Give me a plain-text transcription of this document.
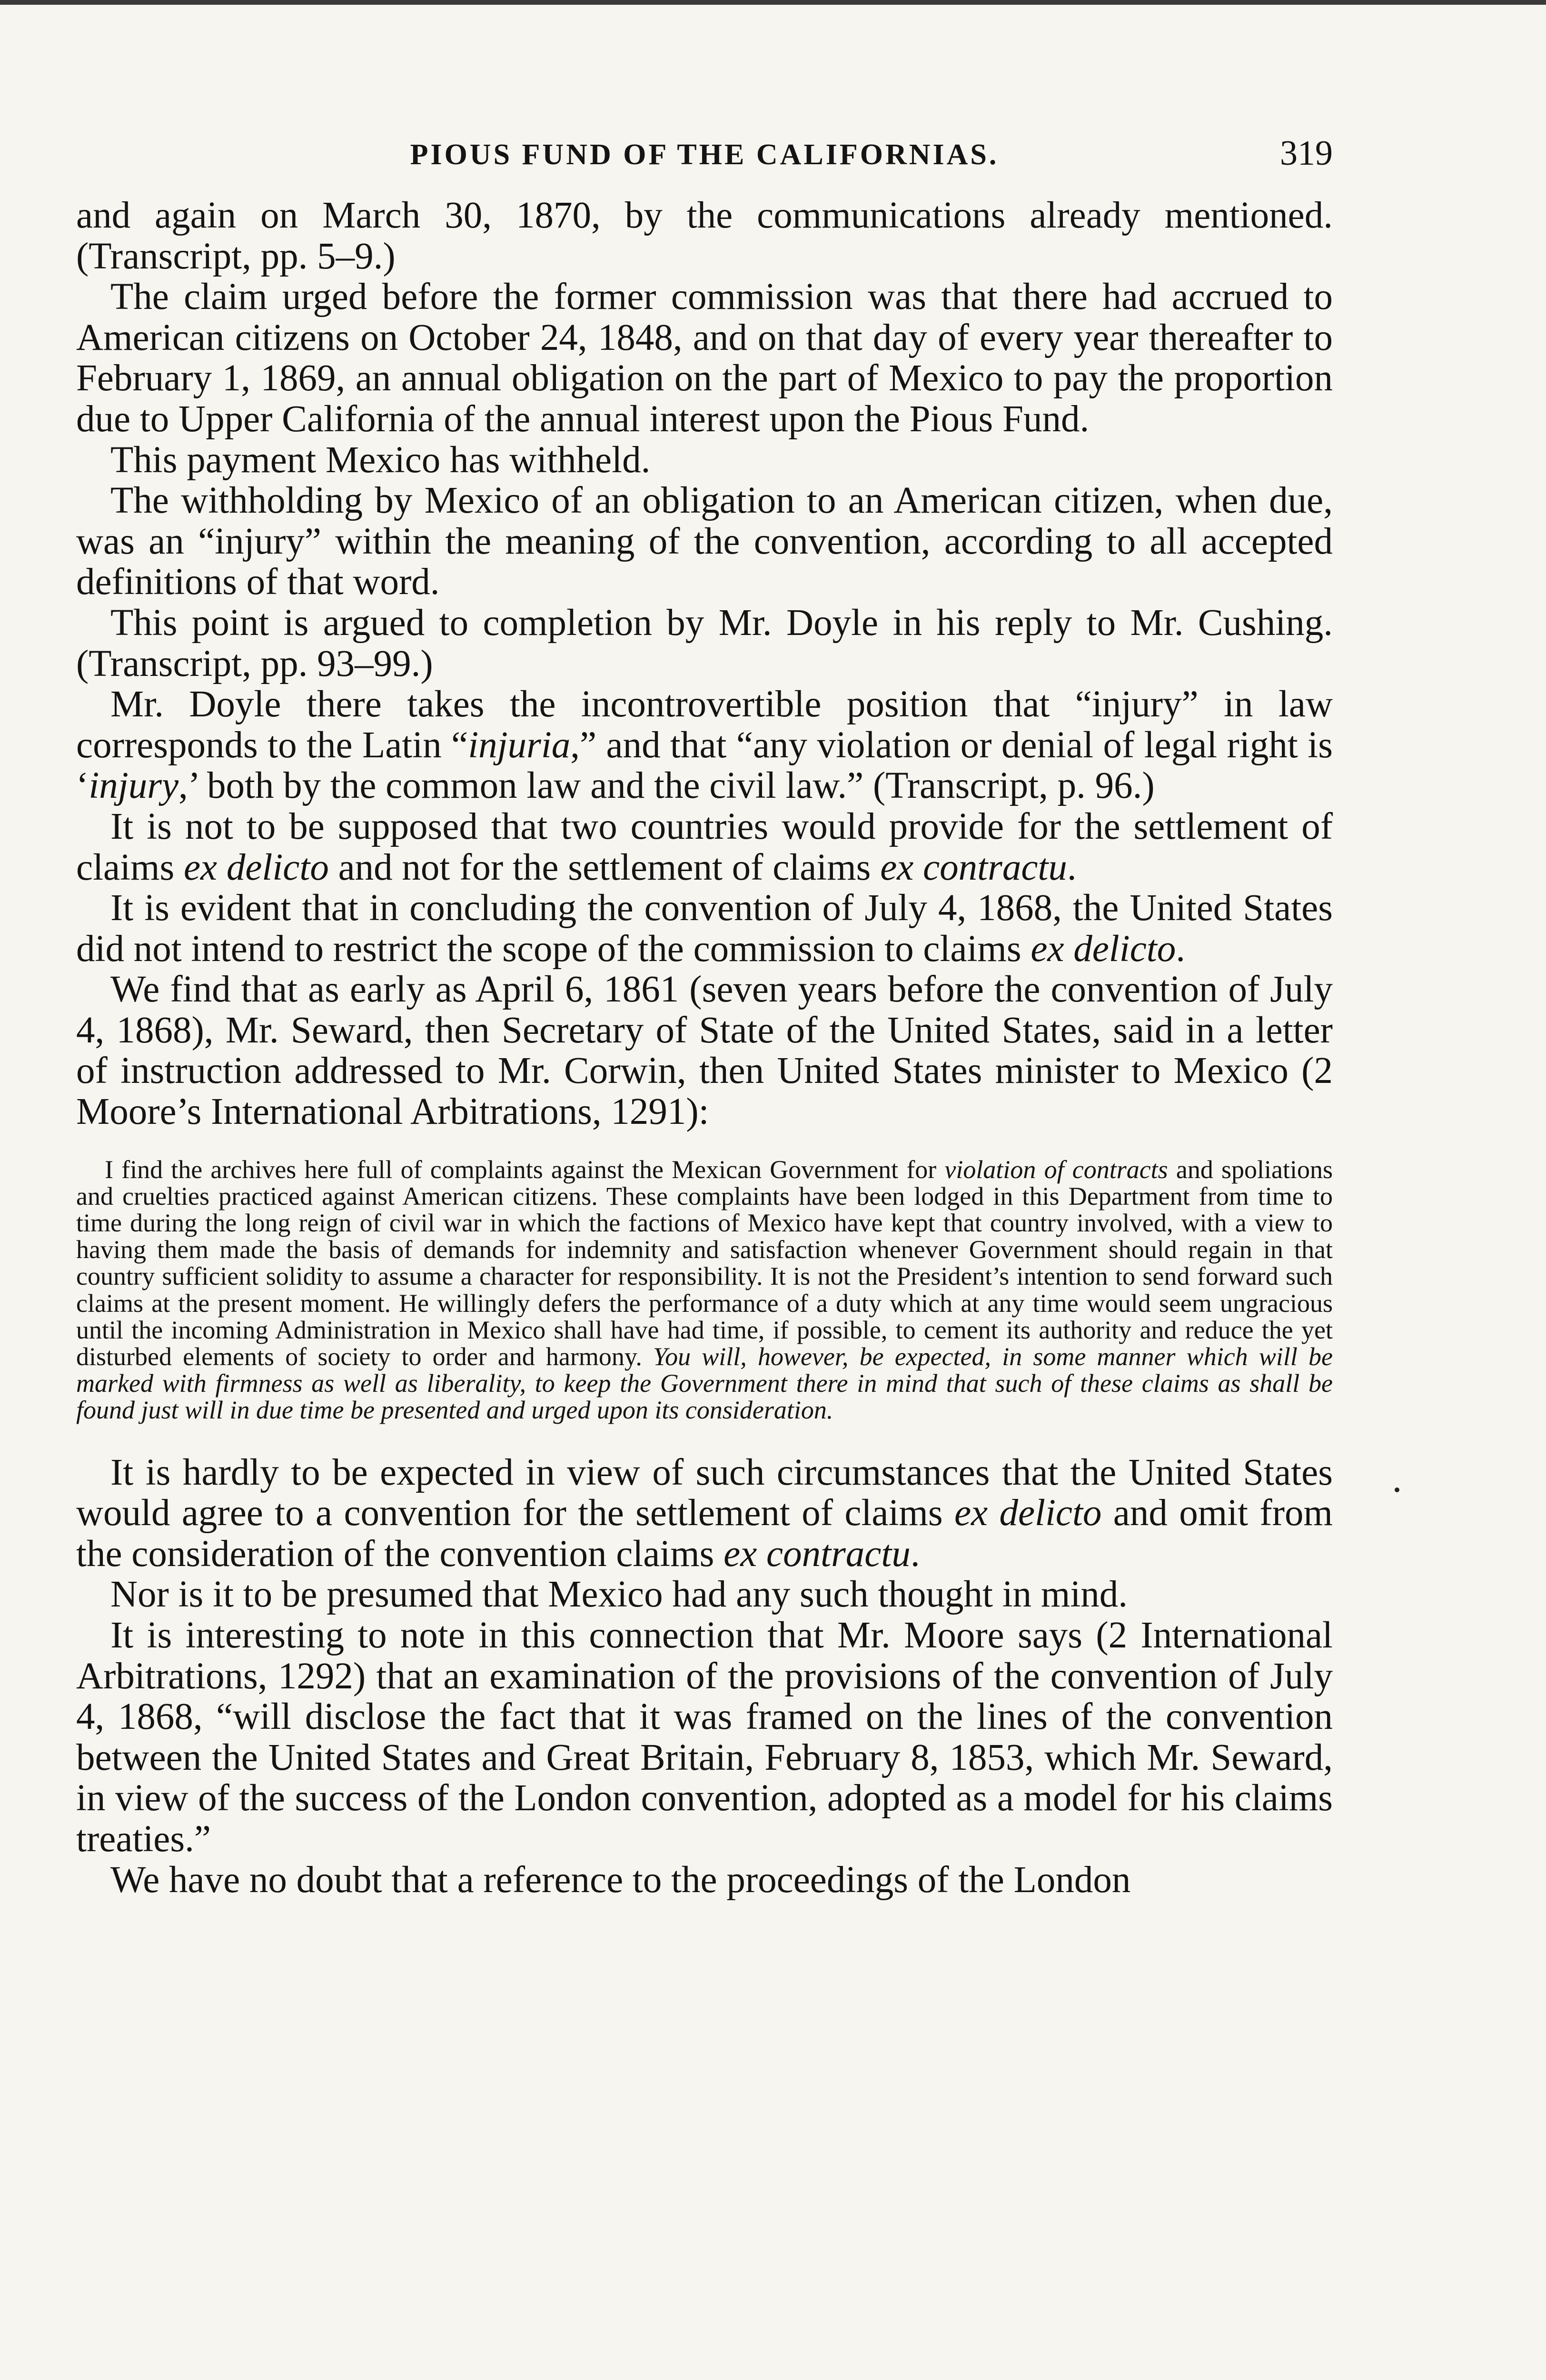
PIOUS FUND OF THE CALIFORNIAS.	319

and again on March 30, 1870, by the communications already mentioned. (Transcript, pp. 5–9.)

The claim urged before the former commission was that there had accrued to American citizens on October 24, 1848, and on that day of every year thereafter to February 1, 1869, an annual obligation on the part of Mexico to pay the proportion due to Upper California of the annual interest upon the Pious Fund.

This payment Mexico has withheld.

The withholding by Mexico of an obligation to an American citizen, when due, was an “injury” within the meaning of the convention, according to all accepted definitions of that word.

This point is argued to completion by Mr. Doyle in his reply to Mr. Cushing. (Transcript, pp. 93–99.)

Mr. Doyle there takes the incontrovertible position that “injury” in law corresponds to the Latin “injuria,” and that “any violation or denial of legal right is ‘injury,’ both by the common law and the civil law.” (Transcript, p. 96.)

It is not to be supposed that two countries would provide for the settlement of claims ex delicto and not for the settlement of claims ex contractu.

It is evident that in concluding the convention of July 4, 1868, the United States did not intend to restrict the scope of the commission to claims ex delicto.

We find that as early as April 6, 1861 (seven years before the convention of July 4, 1868), Mr. Seward, then Secretary of State of the United States, said in a letter of instruction addressed to Mr. Corwin, then United States minister to Mexico (2 Moore’s International Arbitrations, 1291):

I find the archives here full of complaints against the Mexican Government for violation of contracts and spoliations and cruelties practiced against American citizens. These complaints have been lodged in this Department from time to time during the long reign of civil war in which the factions of Mexico have kept that country involved, with a view to having them made the basis of demands for indemnity and satisfaction whenever Government should regain in that country sufficient solidity to assume a character for responsibility. It is not the President’s intention to send forward such claims at the present moment. He willingly defers the performance of a duty which at any time would seem ungracious until the incoming Administration in Mexico shall have had time, if possible, to cement its authority and reduce the yet disturbed elements of society to order and harmony. You will, however, be expected, in some manner which will be marked with firmness as well as liberality, to keep the Government there in mind that such of these claims as shall be found just will in due time be presented and urged upon its consideration.

It is hardly to be expected in view of such circumstances that the United States would agree to a convention for the settlement of claims ex delicto and omit from the consideration of the convention claims ex contractu.

Nor is it to be presumed that Mexico had any such thought in mind.

It is interesting to note in this connection that Mr. Moore says (2 International Arbitrations, 1292) that an examination of the provisions of the convention of July 4, 1868, “will disclose the fact that it was framed on the lines of the convention between the United States and Great Britain, February 8, 1853, which Mr. Seward, in view of the success of the London convention, adopted as a model for his claims treaties.”

We have no doubt that a reference to the proceedings of the London
